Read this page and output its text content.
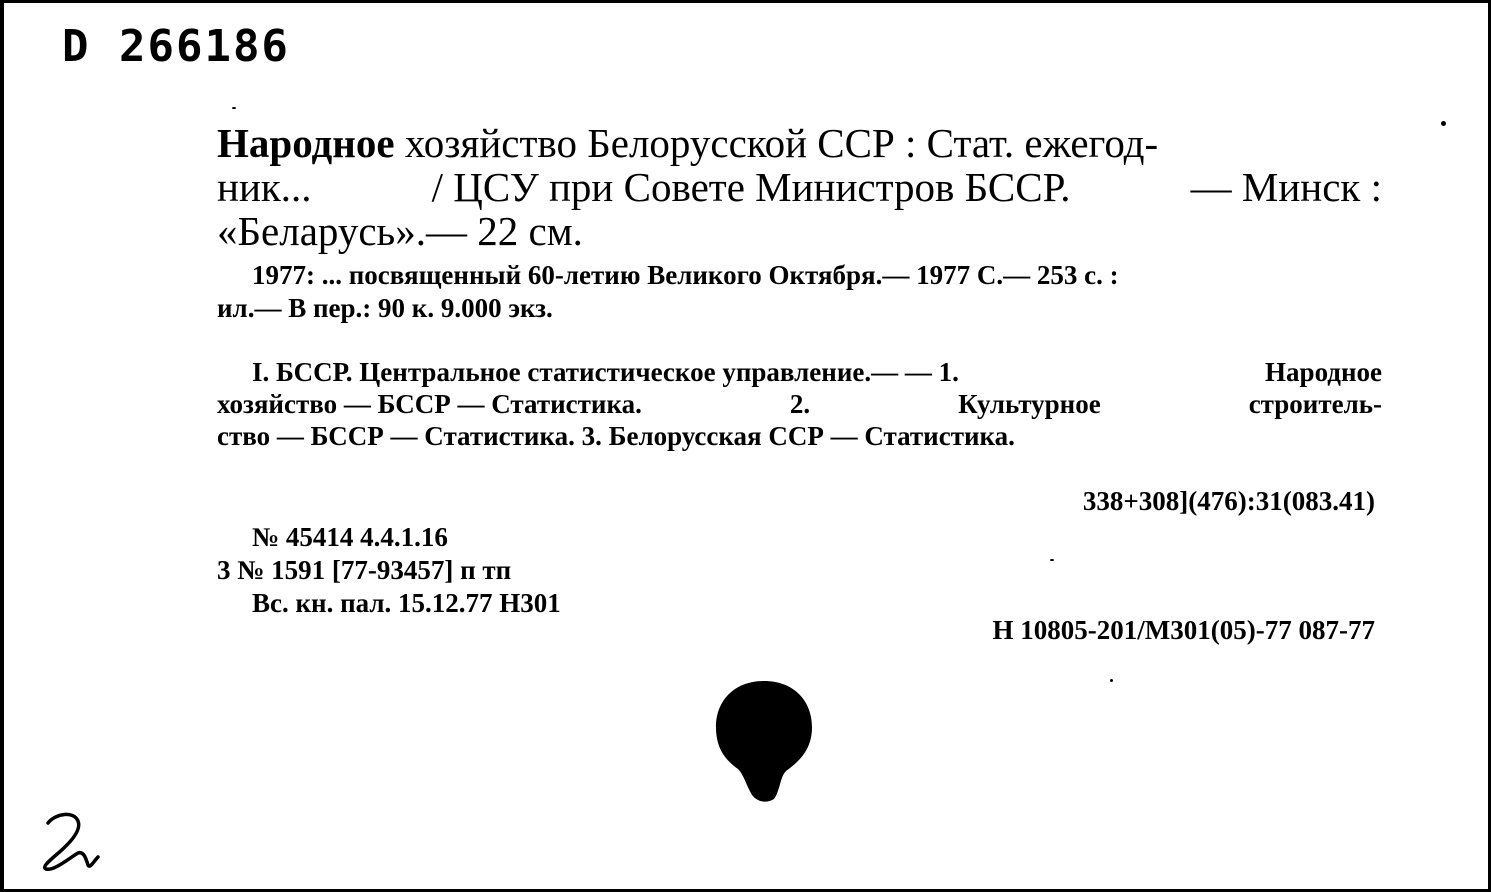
D 266186
Народное хозяйство Белорусской ССР : Стат. ежегод-
ник...	/ ЦСУ при Совете Министров БССР.	— Минск :
«Беларусь».— 22 см.
1977: ... посвященный 60-летию Великого Октября.— 1977 С.— 253 с. :
ил.— В пер.: 90 к. 9.000 экз.
I. БССР. Центральное статистическое управление.— — 1.	Народное
хозяйство — БССР — Статистика.	2.	Культурное	строитель-
ство — БССР — Статистика. 3. Белорусская ССР — Статистика.
338+308](476):31(083.41)
№ 45414 4.4.1.16
3 № 1591 [77-93457] п тп
Вс. кн. пал. 15.12.77 Н301
Н 10805-201/М301(05)-77 087-77
